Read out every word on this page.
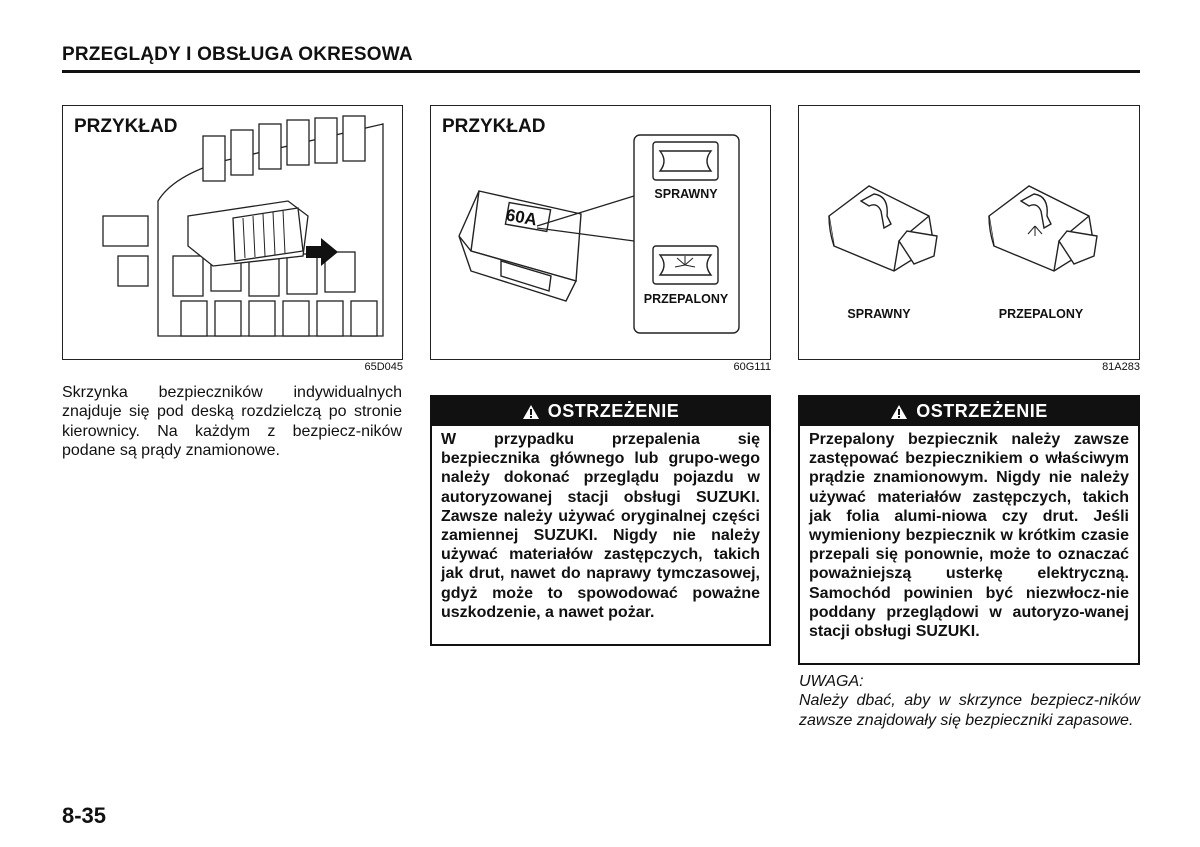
PRZEGLĄDY I OBSŁUGA OKRESOWA
PRZYKŁAD
65D045
60A
SPRAWNY
PRZEPALONY
PRZYKŁAD
60G111
SPRAWNY	PRZEPALONY
81A283
Skrzynka bezpieczników indywidualnych znajduje się pod deską rozdzielczą po stronie kierownicy. Na każdym z bezpiecz-ników podane są prądy znamionowe.
OSTRZEŻENIE
W przypadku przepalenia się bezpiecznika głównego lub grupo-wego należy dokonać przeglądu pojazdu w autoryzowanej stacji obsługi SUZUKI. Zawsze należy używać oryginalnej części zamiennej SUZUKI. Nigdy nie należy używać materiałów zastępczych, takich jak drut, nawet do naprawy tymczasowej, gdyż może to spowodować poważne uszkodzenie, a nawet pożar.
OSTRZEŻENIE
Przepalony bezpiecznik należy zawsze zastępować bezpiecznikiem o właściwym prądzie znamionowym. Nigdy nie należy używać materiałów zastępczych, takich jak folia alumi-niowa czy drut. Jeśli wymieniony bezpiecznik w krótkim czasie przepali się ponownie, może to oznaczać poważniejszą usterkę elektryczną. Samochód powinien być niezwłocz-nie poddany przeglądowi w autoryzo-wanej stacji obsługi SUZUKI.
UWAGA:
Należy dbać, aby w skrzynce bezpiecz-ników zawsze znajdowały się bezpieczniki zapasowe.
8-35
